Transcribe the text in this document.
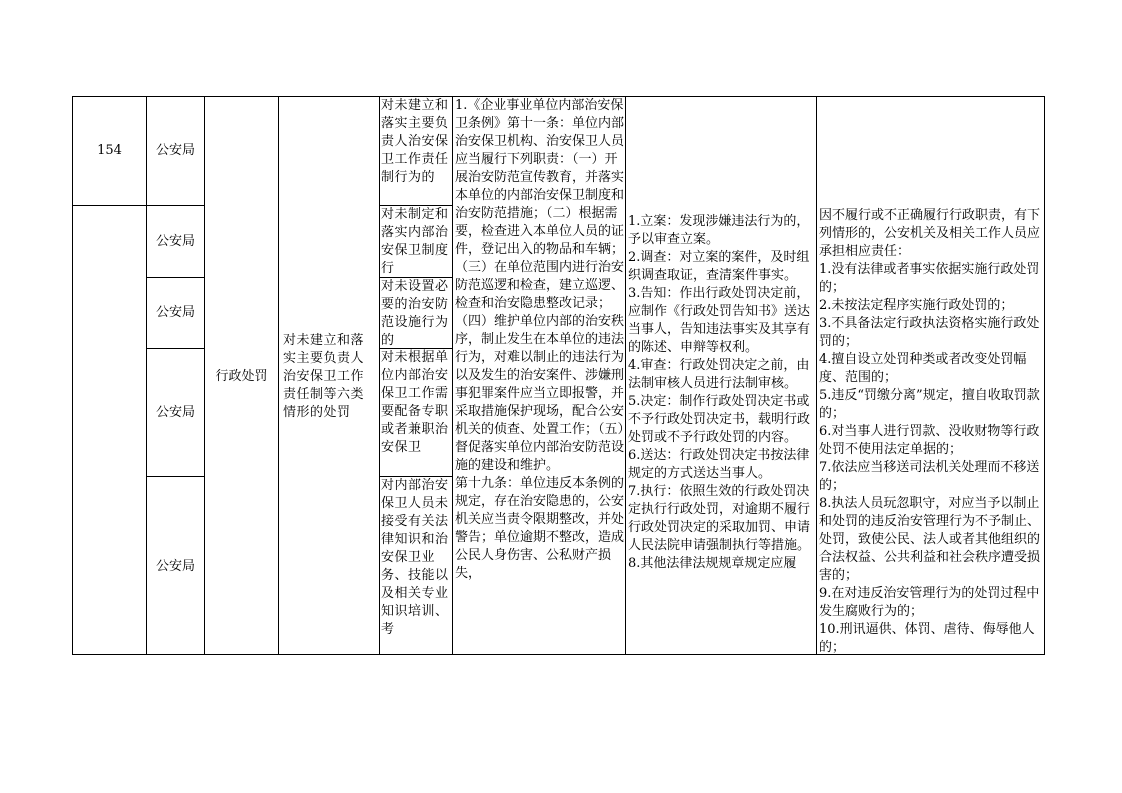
154	公安局
公安局
公安局
公安局
公安局
行政处罚
对未建立和落实主要负责人治安保卫工作责任制等六类情形的处罚
对未建立和落实主要负责人治安保卫工作责任制行为的
对未制定和落实内部治安保卫制度行
对未设置必要的治安防范设施行为的
对未根据单位内部治安保卫工作需要配备专职或者兼职治安保卫
对内部治安保卫人员未接受有关法律知识和治安保卫业务、技能以及相关专业知识培训、考
1.《企业事业单位内部治安保卫条例》第十一条：单位内部治安保卫机构、治安保卫人员应当履行下列职责：（一）开展治安防范宣传教育，并落实本单位的内部治安保卫制度和治安防范措施；（二）根据需要，检查进入本单位人员的证件，登记出入的物品和车辆；（三）在单位范围内进行治安防范巡逻和检查，建立巡逻、检查和治安隐患整改记录；（四）维护单位内部的治安秩序，制止发生在本单位的违法行为，对难以制止的违法行为以及发生的治安案件、涉嫌刑事犯罪案件应当立即报警，并采取措施保护现场，配合公安机关的侦查、处置工作；（五）督促落实单位内部治安防范设施的建设和维护。
第十九条：单位违反本条例的规定，存在治安隐患的，公安机关应当责令限期整改，并处警告；单位逾期不整改，造成公民人身伤害、公私财产损失，
1.立案：发现涉嫌违法行为的，予以审查立案。
2.调查：对立案的案件，及时组织调查取证，查清案件事实。
3.告知：作出行政处罚决定前，应制作《行政处罚告知书》送达当事人，告知违法事实及其享有的陈述、申辩等权利。
4.审查：行政处罚决定之前，由法制审核人员进行法制审核。
5.决定：制作行政处罚决定书或不予行政处罚决定书，载明行政处罚或不予行政处罚的内容。
6.送达：行政处罚决定书按法律规定的方式送达当事人。
7.执行：依照生效的行政处罚决定执行行政处罚，对逾期不履行行政处罚决定的采取加罚、申请人民法院申请强制执行等措施。
8.其他法律法规规章规定应履
因不履行或不正确履行行政职责，有下列情形的，公安机关及相关工作人员应承担相应责任：
1.没有法律或者事实依据实施行政处罚的；
2.未按法定程序实施行政处罚的；
3.不具备法定行政执法资格实施行政处罚的；
4.擅自设立处罚种类或者改变处罚幅度、范围的；
5.违反“罚缴分离”规定，擅自收取罚款的；
6.对当事人进行罚款、没收财物等行政处罚不使用法定单据的；
7.依法应当移送司法机关处理而不移送的；
8.执法人员玩忽职守，对应当予以制止和处罚的违反治安管理行为不予制止、处罚，致使公民、法人或者其他组织的合法权益、公共利益和社会秩序遭受损害的；
9.在对违反治安管理行为的处罚过程中发生腐败行为的；
10.刑讯逼供、体罚、虐待、侮辱他人的；
